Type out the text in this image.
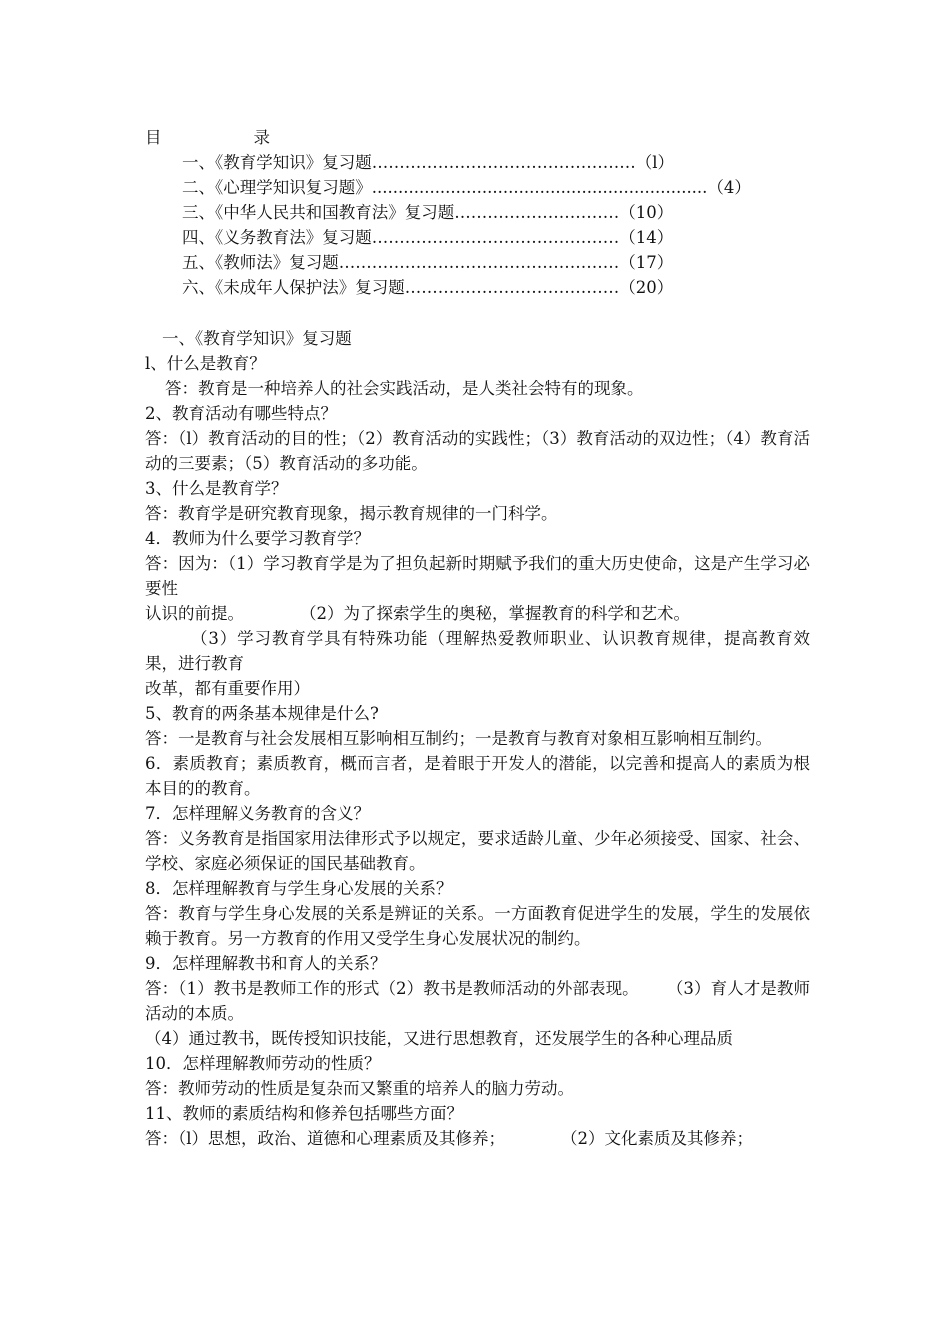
目	录
一、《教育学知识》复习题…………………………………………（l）
二、《心理学知识复习题》................................................................（4）
三、《中华人民共和国教育法》复习题…………………………（10）
四、《义务教育法》复习题………………………………………（14）
五、《教师法》复习题……………………………………………（17）
六、《未成年人保护法》复习题…………………………………（20）
一、《教育学知识》复习题
l、什么是教育？
答：教育是一种培养人的社会实践活动，是人类社会特有的现象。
2、教育活动有哪些特点？
答：（l）教育活动的目的性；（2）教育活动的实践性；（3）教育活动的双边性；（4）教育活动的三要素；（5）教育活动的多功能。
3、什么是教育学？
答：教育学是研究教育现象，揭示教育规律的一门科学。
4．教师为什么要学习教育学？
答：因为：（1）学习教育学是为了担负起新时期赋予我们的重大历史使命，这是产生学习必要性
认识的前提。	（2）为了探索学生的奥秘，掌握教育的科学和艺术。
（3）学习教育学具有特殊功能（理解热爱教师职业、认识教育规律，提高教育效果，进行教育
改革，都有重要作用）
5、教育的两条基本规律是什么?
答：一是教育与社会发展相互影响相互制约；一是教育与教育对象相互影响相互制约。
6．素质教育；素质教育，概而言者，是着眼于开发人的潜能，以完善和提高人的素质为根本目的的教育。
7．怎样理解义务教育的含义？
答：义务教育是指国家用法律形式予以规定，要求适龄儿童、少年必须接受、国家、社会、学校、家庭必须保证的国民基础教育。
8．怎样理解教育与学生身心发展的关系？
答：教育与学生身心发展的关系是辨证的关系。一方面教育促进学生的发展，学生的发展依赖于教育。另一方教育的作用又受学生身心发展状况的制约。
9．怎样理解教书和育人的关系？
答：（1）教书是教师工作的形式（2）教书是教师活动的外部表现。 （3）育人才是教师活动的本质。
（4）通过教书，既传授知识技能，又进行思想教育，还发展学生的各种心理品质
10．怎样理解教师劳动的性质？
答：教师劳动的性质是复杂而又繁重的培养人的脑力劳动。
11、教师的素质结构和修养包括哪些方面？
答：（l）思想，政治、道德和心理素质及其修养；	（2）文化素质及其修养；
